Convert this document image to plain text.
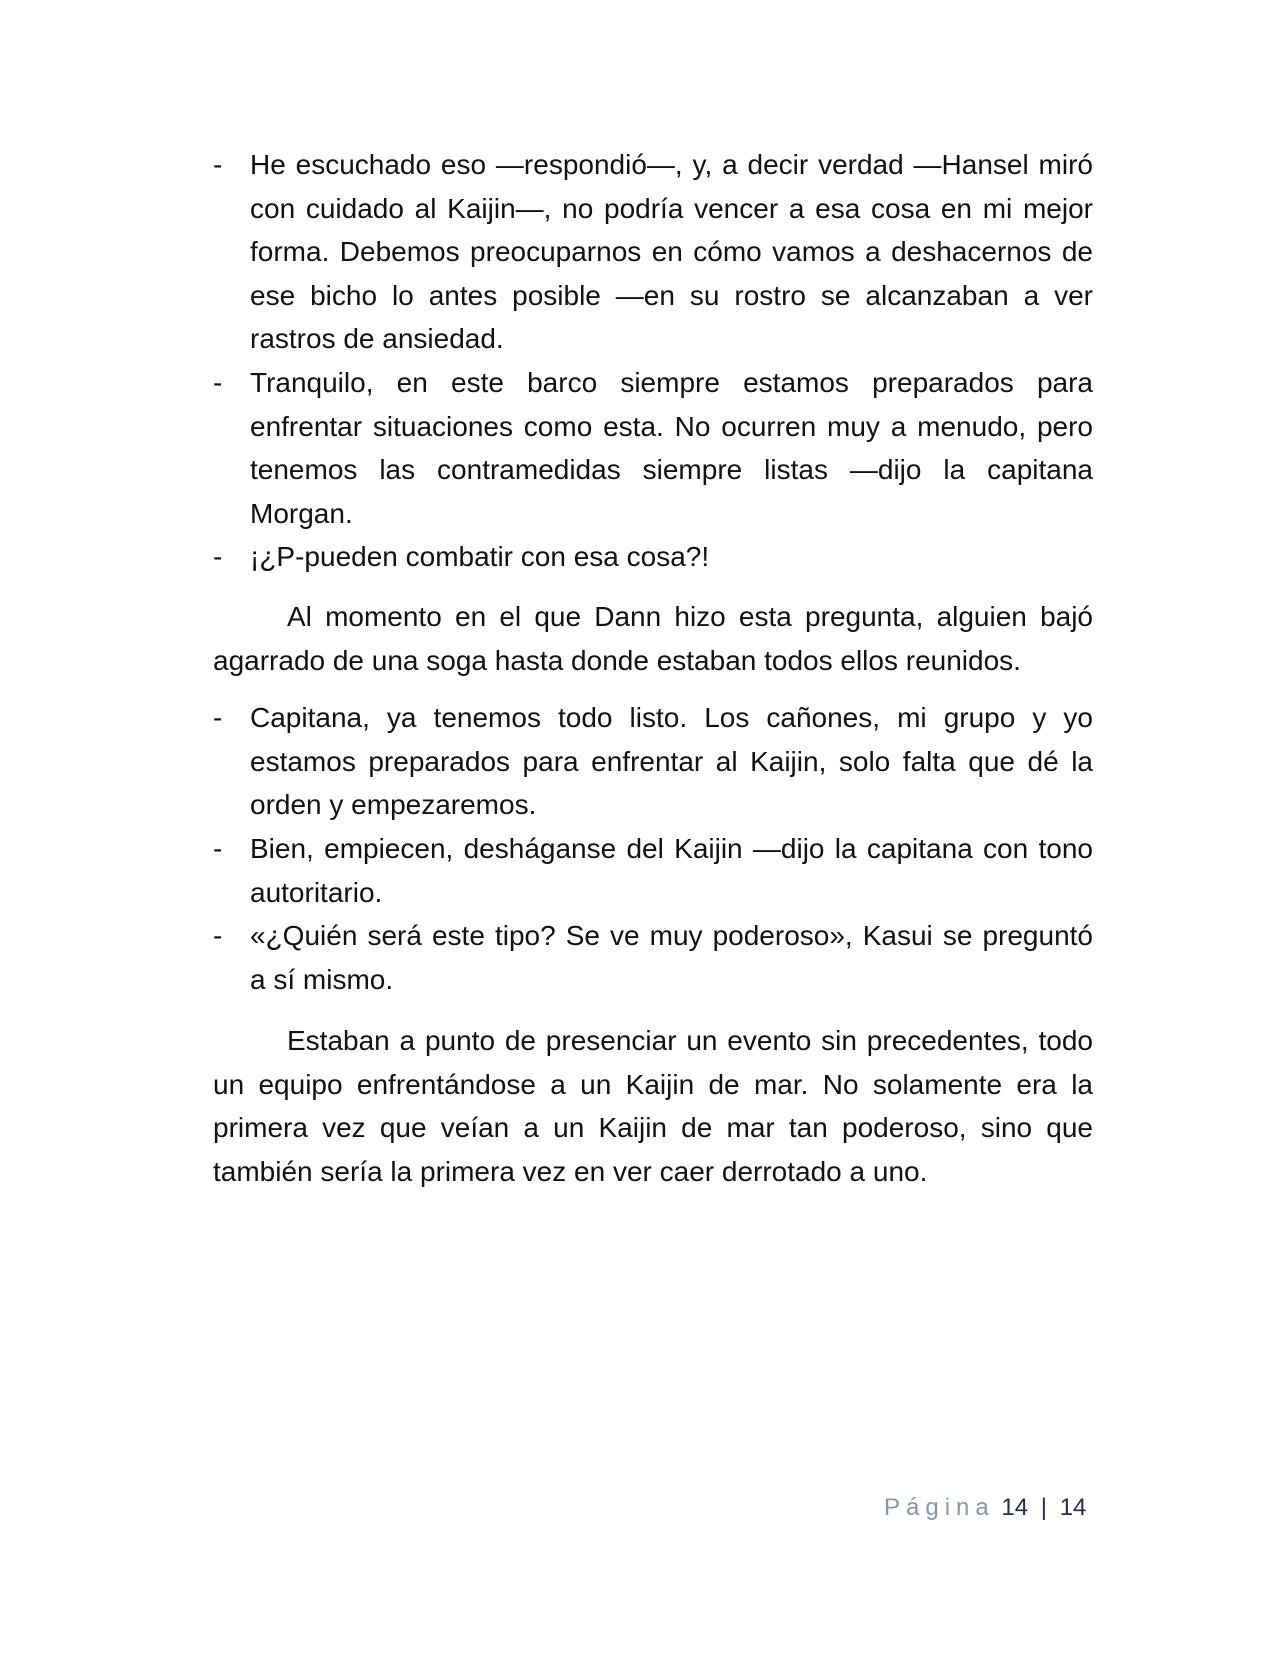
- He escuchado eso —respondió—, y, a decir verdad —Hansel miró con cuidado al Kaijin—, no podría vencer a esa cosa en mi mejor forma. Debemos preocuparnos en cómo vamos a deshacernos de ese bicho lo antes posible —en su rostro se alcanzaban a ver rastros de ansiedad.
- Tranquilo, en este barco siempre estamos preparados para enfrentar situaciones como esta. No ocurren muy a menudo, pero tenemos las contramedidas siempre listas —dijo la capitana Morgan.
- ¡¿P-pueden combatir con esa cosa?!

Al momento en el que Dann hizo esta pregunta, alguien bajó agarrado de una soga hasta donde estaban todos ellos reunidos.

- Capitana, ya tenemos todo listo. Los cañones, mi grupo y yo estamos preparados para enfrentar al Kaijin, solo falta que dé la orden y empezaremos.
- Bien, empiecen, desháganse del Kaijin —dijo la capitana con tono autoritario.
- «¿Quién será este tipo? Se ve muy poderoso», Kasui se preguntó a sí mismo.

Estaban a punto de presenciar un evento sin precedentes, todo un equipo enfrentándose a un Kaijin de mar. No solamente era la primera vez que veían a un Kaijin de mar tan poderoso, sino que también sería la primera vez en ver caer derrotado a uno.

Página 14 | 14
